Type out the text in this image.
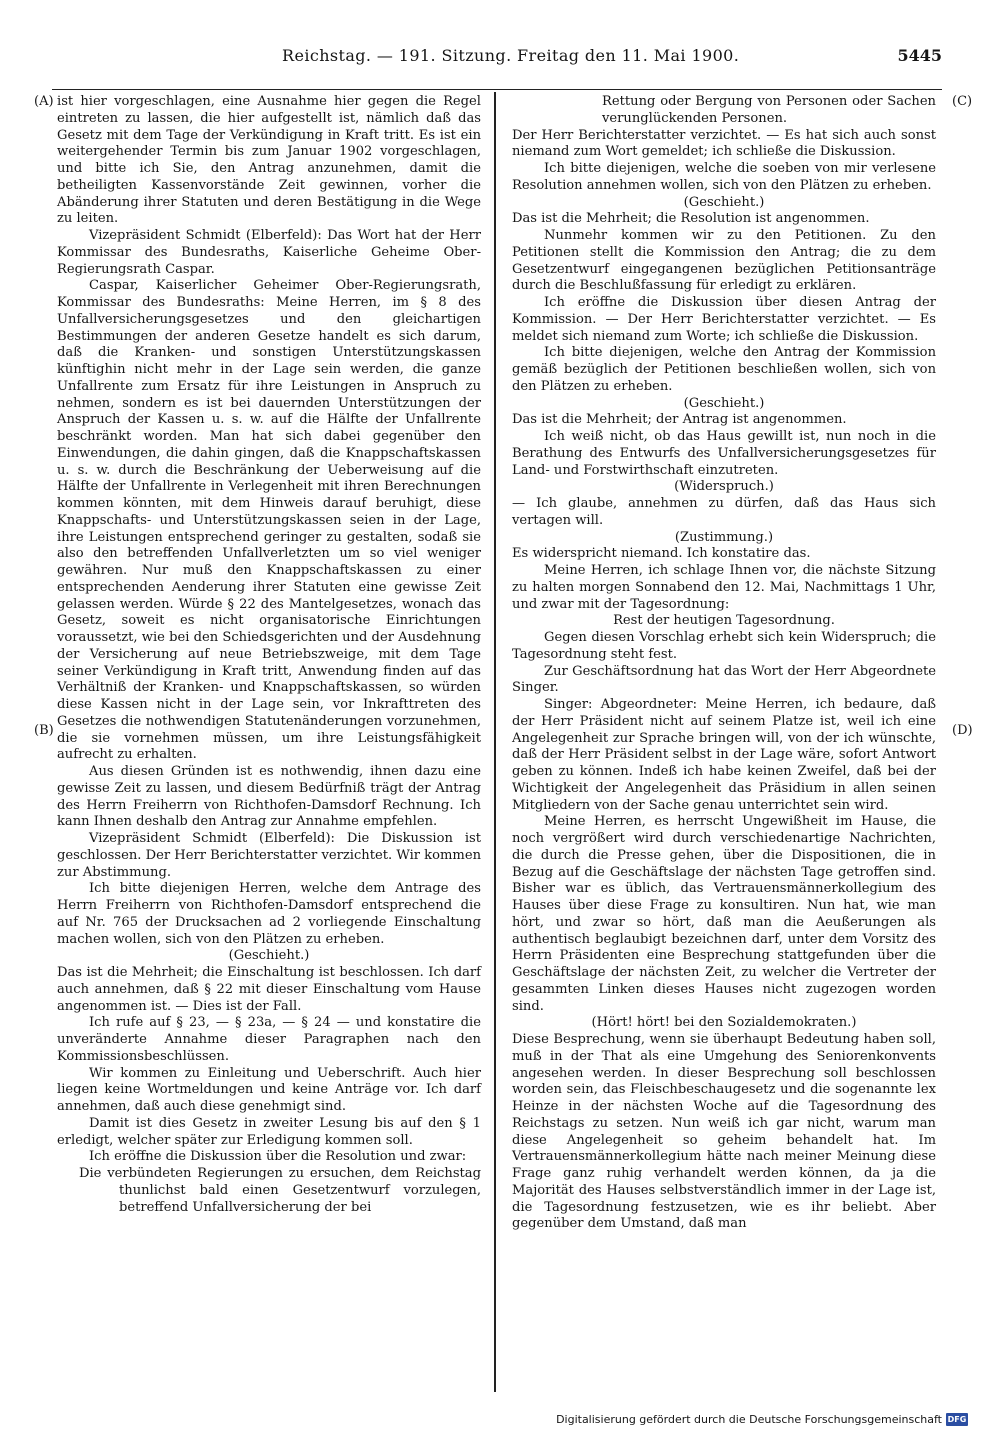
Reichstag. — 191. Sitzung. Freitag den 11. Mai 1900.	5445
(A)
(B)
(C)
(D)

ist hier vorgeschlagen, eine Ausnahme hier gegen die Regel eintreten zu lassen, die hier aufgestellt ist, nämlich daß das Gesetz mit dem Tage der Verkündigung in Kraft tritt. Es ist ein weitergehender Termin bis zum Januar 1902 vorgeschlagen, und bitte ich Sie, den Antrag anzunehmen, damit die betheiligten Kassenvorstände Zeit gewinnen, vorher die Abänderung ihrer Statuten und deren Bestätigung in die Wege zu leiten.

Vizepräsident Schmidt (Elberfeld): Das Wort hat der Herr Kommissar des Bundesraths, Kaiserliche Geheime Ober-Regierungsrath Caspar.

Caspar, Kaiserlicher Geheimer Ober-Regierungsrath, Kommissar des Bundesraths: Meine Herren, im § 8 des Unfallversicherungsgesetzes und den gleichartigen Bestimmungen der anderen Gesetze handelt es sich darum, daß die Kranken- und sonstigen Unterstützungskassen künftighin nicht mehr in der Lage sein werden, die ganze Unfallrente zum Ersatz für ihre Leistungen in Anspruch zu nehmen, sondern es ist bei dauernden Unterstützungen der Anspruch der Kassen u. s. w. auf die Hälfte der Unfallrente beschränkt worden. Man hat sich dabei gegenüber den Einwendungen, die dahin gingen, daß die Knappschaftskassen u. s. w. durch die Beschränkung der Ueberweisung auf die Hälfte der Unfallrente in Verlegenheit mit ihren Berechnungen kommen könnten, mit dem Hinweis darauf beruhigt, diese Knappschafts- und Unterstützungskassen seien in der Lage, ihre Leistungen entsprechend geringer zu gestalten, sodaß sie also den betreffenden Unfallverletzten um so viel weniger gewähren. Nur muß den Knappschaftskassen zu einer entsprechenden Aenderung ihrer Statuten eine gewisse Zeit gelassen werden. Würde § 22 des Mantelgesetzes, wonach das Gesetz, soweit es nicht organisatorische Einrichtungen voraussetzt, wie bei den Schiedsgerichten und der Ausdehnung der Versicherung auf neue Betriebszweige, mit dem Tage seiner Verkündigung in Kraft tritt, Anwendung finden auf das Verhältniß der Kranken- und Knappschaftskassen, so würden diese Kassen nicht in der Lage sein, vor Inkrafttreten des Gesetzes die nothwendigen Statutenänderungen vorzunehmen, die sie vornehmen müssen, um ihre Leistungsfähigkeit aufrecht zu erhalten.

Aus diesen Gründen ist es nothwendig, ihnen dazu eine gewisse Zeit zu lassen, und diesem Bedürfniß trägt der Antrag des Herrn Freiherrn von Richthofen-Damsdorf Rechnung. Ich kann Ihnen deshalb den Antrag zur Annahme empfehlen.

Vizepräsident Schmidt (Elberfeld): Die Diskussion ist geschlossen. Der Herr Berichterstatter verzichtet. Wir kommen zur Abstimmung.

Ich bitte diejenigen Herren, welche dem Antrage des Herrn Freiherrn von Richthofen-Damsdorf entsprechend die auf Nr. 765 der Drucksachen ad 2 vorliegende Einschaltung machen wollen, sich von den Plätzen zu erheben.

(Geschieht.)

Das ist die Mehrheit; die Einschaltung ist beschlossen. Ich darf auch annehmen, daß § 22 mit dieser Einschaltung vom Hause angenommen ist. — Dies ist der Fall.

Ich rufe auf § 23, — § 23a, — § 24 — und konstatire die unveränderte Annahme dieser Paragraphen nach den Kommissionsbeschlüssen.

Wir kommen zu Einleitung und Ueberschrift. Auch hier liegen keine Wortmeldungen und keine Anträge vor. Ich darf annehmen, daß auch diese genehmigt sind.

Damit ist dies Gesetz in zweiter Lesung bis auf den § 1 erledigt, welcher später zur Erledigung kommen soll.

Ich eröffne die Diskussion über die Resolution und zwar:

Die verbündeten Regierungen zu ersuchen, dem Reichstag thunlichst bald einen Gesetzentwurf vorzulegen, betreffend Unfallversicherung der bei

Rettung oder Bergung von Personen oder Sachen verunglückenden Personen.

Der Herr Berichterstatter verzichtet. — Es hat sich auch sonst niemand zum Wort gemeldet; ich schließe die Diskussion.

Ich bitte diejenigen, welche die soeben von mir verlesene Resolution annehmen wollen, sich von den Plätzen zu erheben.

(Geschieht.)

Das ist die Mehrheit; die Resolution ist angenommen.

Nunmehr kommen wir zu den Petitionen. Zu den Petitionen stellt die Kommission den Antrag; die zu dem Gesetzentwurf eingegangenen bezüglichen Petitionsanträge durch die Beschlußfassung für erledigt zu erklären.

Ich eröffne die Diskussion über diesen Antrag der Kommission. — Der Herr Berichterstatter verzichtet. — Es meldet sich niemand zum Worte; ich schließe die Diskussion.

Ich bitte diejenigen, welche den Antrag der Kommission gemäß bezüglich der Petitionen beschließen wollen, sich von den Plätzen zu erheben.

(Geschieht.)

Das ist die Mehrheit; der Antrag ist angenommen.

Ich weiß nicht, ob das Haus gewillt ist, nun noch in die Berathung des Entwurfs des Unfallversicherungsgesetzes für Land- und Forstwirthschaft einzutreten.

(Widerspruch.)

— Ich glaube, annehmen zu dürfen, daß das Haus sich vertagen will.

(Zustimmung.)

Es widerspricht niemand. Ich konstatire das.

Meine Herren, ich schlage Ihnen vor, die nächste Sitzung zu halten morgen Sonnabend den 12. Mai, Nachmittags 1 Uhr, und zwar mit der Tagesordnung:

Rest der heutigen Tagesordnung.

Gegen diesen Vorschlag erhebt sich kein Widerspruch; die Tagesordnung steht fest.

Zur Geschäftsordnung hat das Wort der Herr Abgeordnete Singer.

Singer: Abgeordneter: Meine Herren, ich bedaure, daß der Herr Präsident nicht auf seinem Platze ist, weil ich eine Angelegenheit zur Sprache bringen will, von der ich wünschte, daß der Herr Präsident selbst in der Lage wäre, sofort Antwort geben zu können. Indeß ich habe keinen Zweifel, daß bei der Wichtigkeit der Angelegenheit das Präsidium in allen seinen Mitgliedern von der Sache genau unterrichtet sein wird.

Meine Herren, es herrscht Ungewißheit im Hause, die noch vergrößert wird durch verschiedenartige Nachrichten, die durch die Presse gehen, über die Dispositionen, die in Bezug auf die Geschäftslage der nächsten Tage getroffen sind. Bisher war es üblich, das Vertrauensmännerkollegium des Hauses über diese Frage zu konsultiren. Nun hat, wie man hört, und zwar so hört, daß man die Aeußerungen als authentisch beglaubigt bezeichnen darf, unter dem Vorsitz des Herrn Präsidenten eine Besprechung stattgefunden über die Geschäftslage der nächsten Zeit, zu welcher die Vertreter der gesammten Linken dieses Hauses nicht zugezogen worden sind.

(Hört! hört! bei den Sozialdemokraten.)

Diese Besprechung, wenn sie überhaupt Bedeutung haben soll, muß in der That als eine Umgehung des Seniorenkonvents angesehen werden. In dieser Besprechung soll beschlossen worden sein, das Fleischbeschaugesetz und die sogenannte lex Heinze in der nächsten Woche auf die Tagesordnung des Reichstags zu setzen. Nun weiß ich gar nicht, warum man diese Angelegenheit so geheim behandelt hat. Im Vertrauensmännerkollegium hätte nach meiner Meinung diese Frage ganz ruhig verhandelt werden können, da ja die Majorität des Hauses selbstverständlich immer in der Lage ist, die Tagesordnung festzusetzen, wie es ihr beliebt. Aber gegenüber dem Umstand, daß man

Digitalisierung gefördert durch die Deutsche Forschungsgemeinschaft DFG
